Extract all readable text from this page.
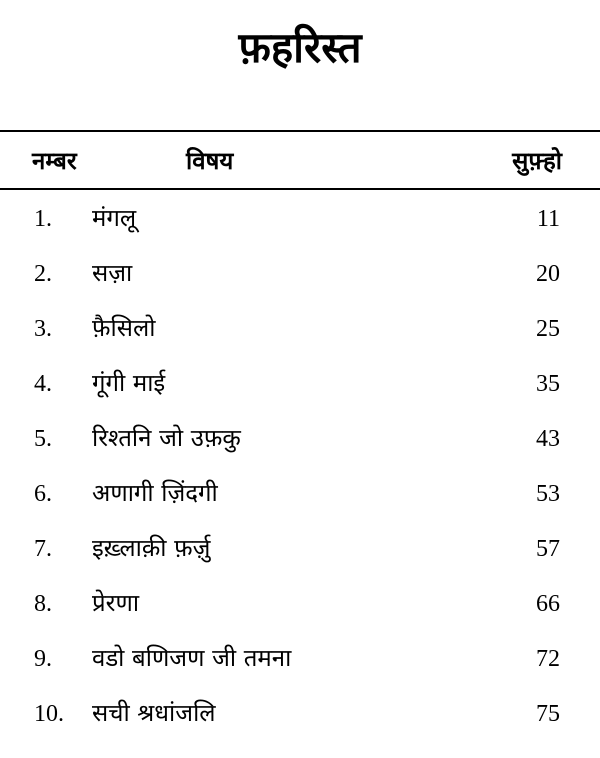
फ़हरिस्त
नम्बर	विषय	सुफ़्हो
1. मंगलू	11
2. सज़ा	20
3. फ़ैसिलो	25
4. गूंगी माई	35
5. रिश्तनि जो उफ़कु	43
6. अणागी ज़िंदगी	53
7. इख़्लाक़ी फ़र्ज़ु	57
8. प्रेरणा	66
9. वडो बणिजण जी तमना	72
10. सची श्रधांजलि	75
